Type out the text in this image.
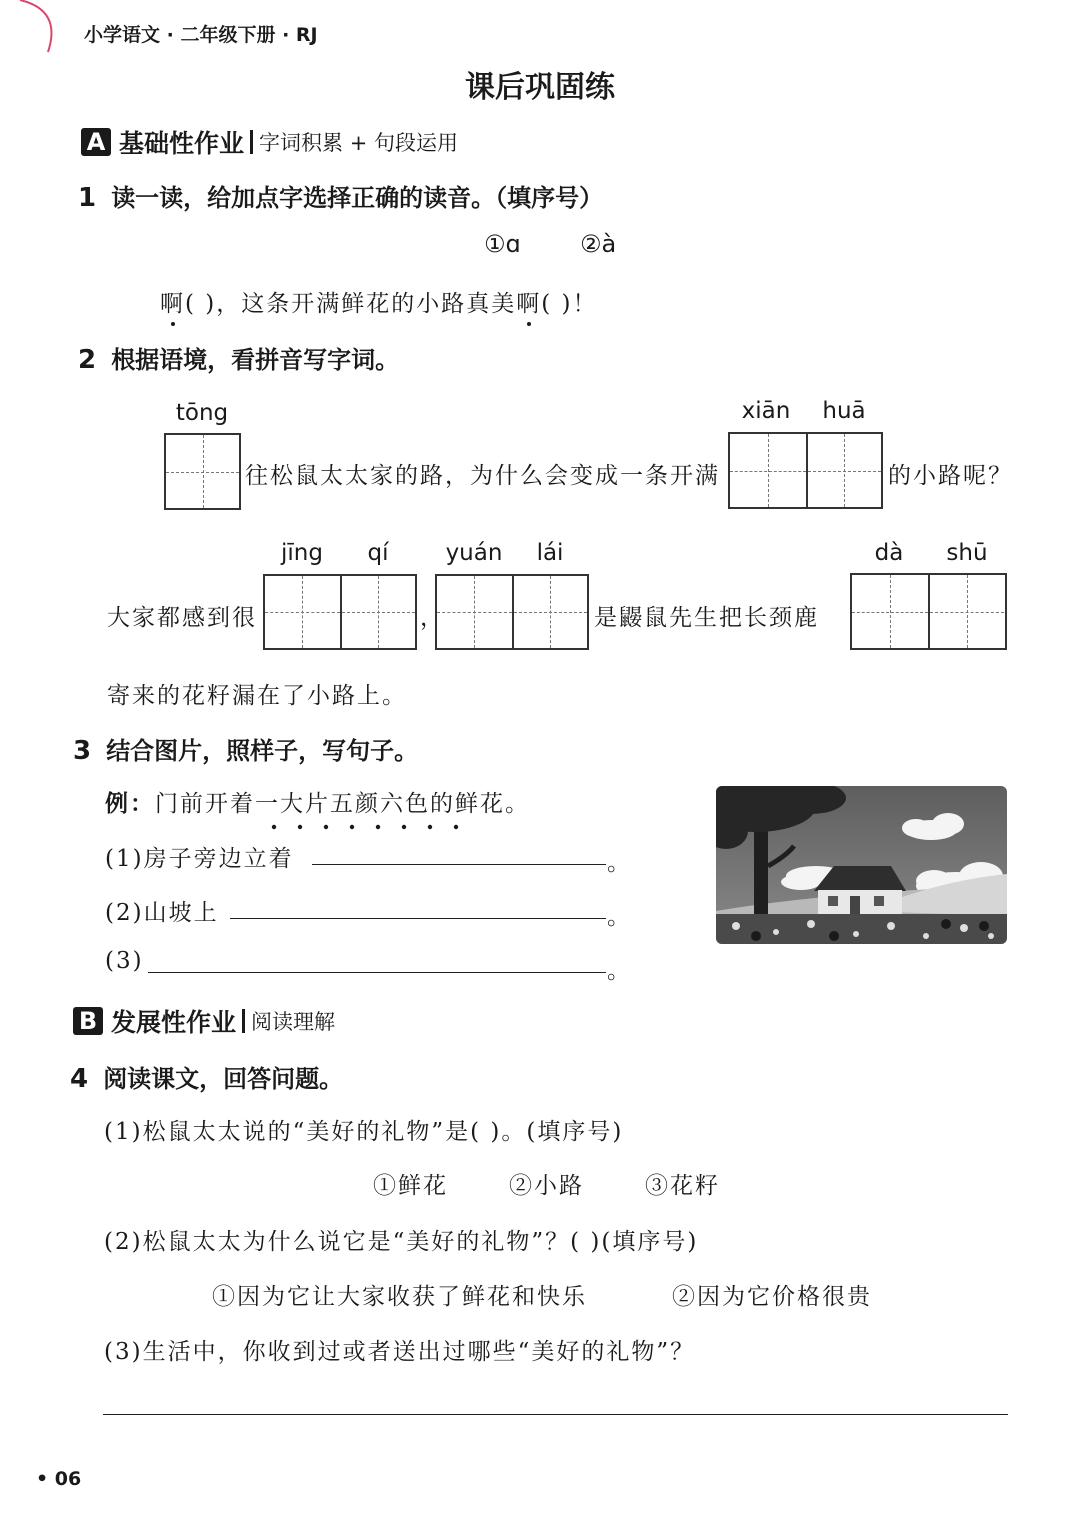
小学语文 · 二年级下册 · RJ
课后巩固练
A 基础性作业 字词积累 + 句段运用
1 读一读，给加点字选择正确的读音。（填序号）
①ɑ ②à
啊( )，这条开满鲜花的小路真美啊( )！
2 根据语境，看拼音写字词。
tōng
往松鼠太太家的路，为什么会变成一条开满
xiān	huā
的小路呢？
jīng	qí	yuán	lái	dà	shū
大家都感到很	，	是鼹鼠先生把长颈鹿
寄来的花籽漏在了小路上。
3 结合图片，照样子，写句子。
例：门前开着一大片五颜六色的鲜花。
(1)房子旁边立着	。
(2)山坡上	。
(3)	。
B 发展性作业 阅读理解
4 阅读课文，回答问题。
(1)松鼠太太说的“美好的礼物”是( )。(填序号)
①鲜花	②小路	③花籽
(2)松鼠太太为什么说它是“美好的礼物”？( )(填序号)
①因为它让大家收获了鲜花和快乐	②因为它价格很贵
(3)生活中，你收到过或者送出过哪些“美好的礼物”？
• 06
